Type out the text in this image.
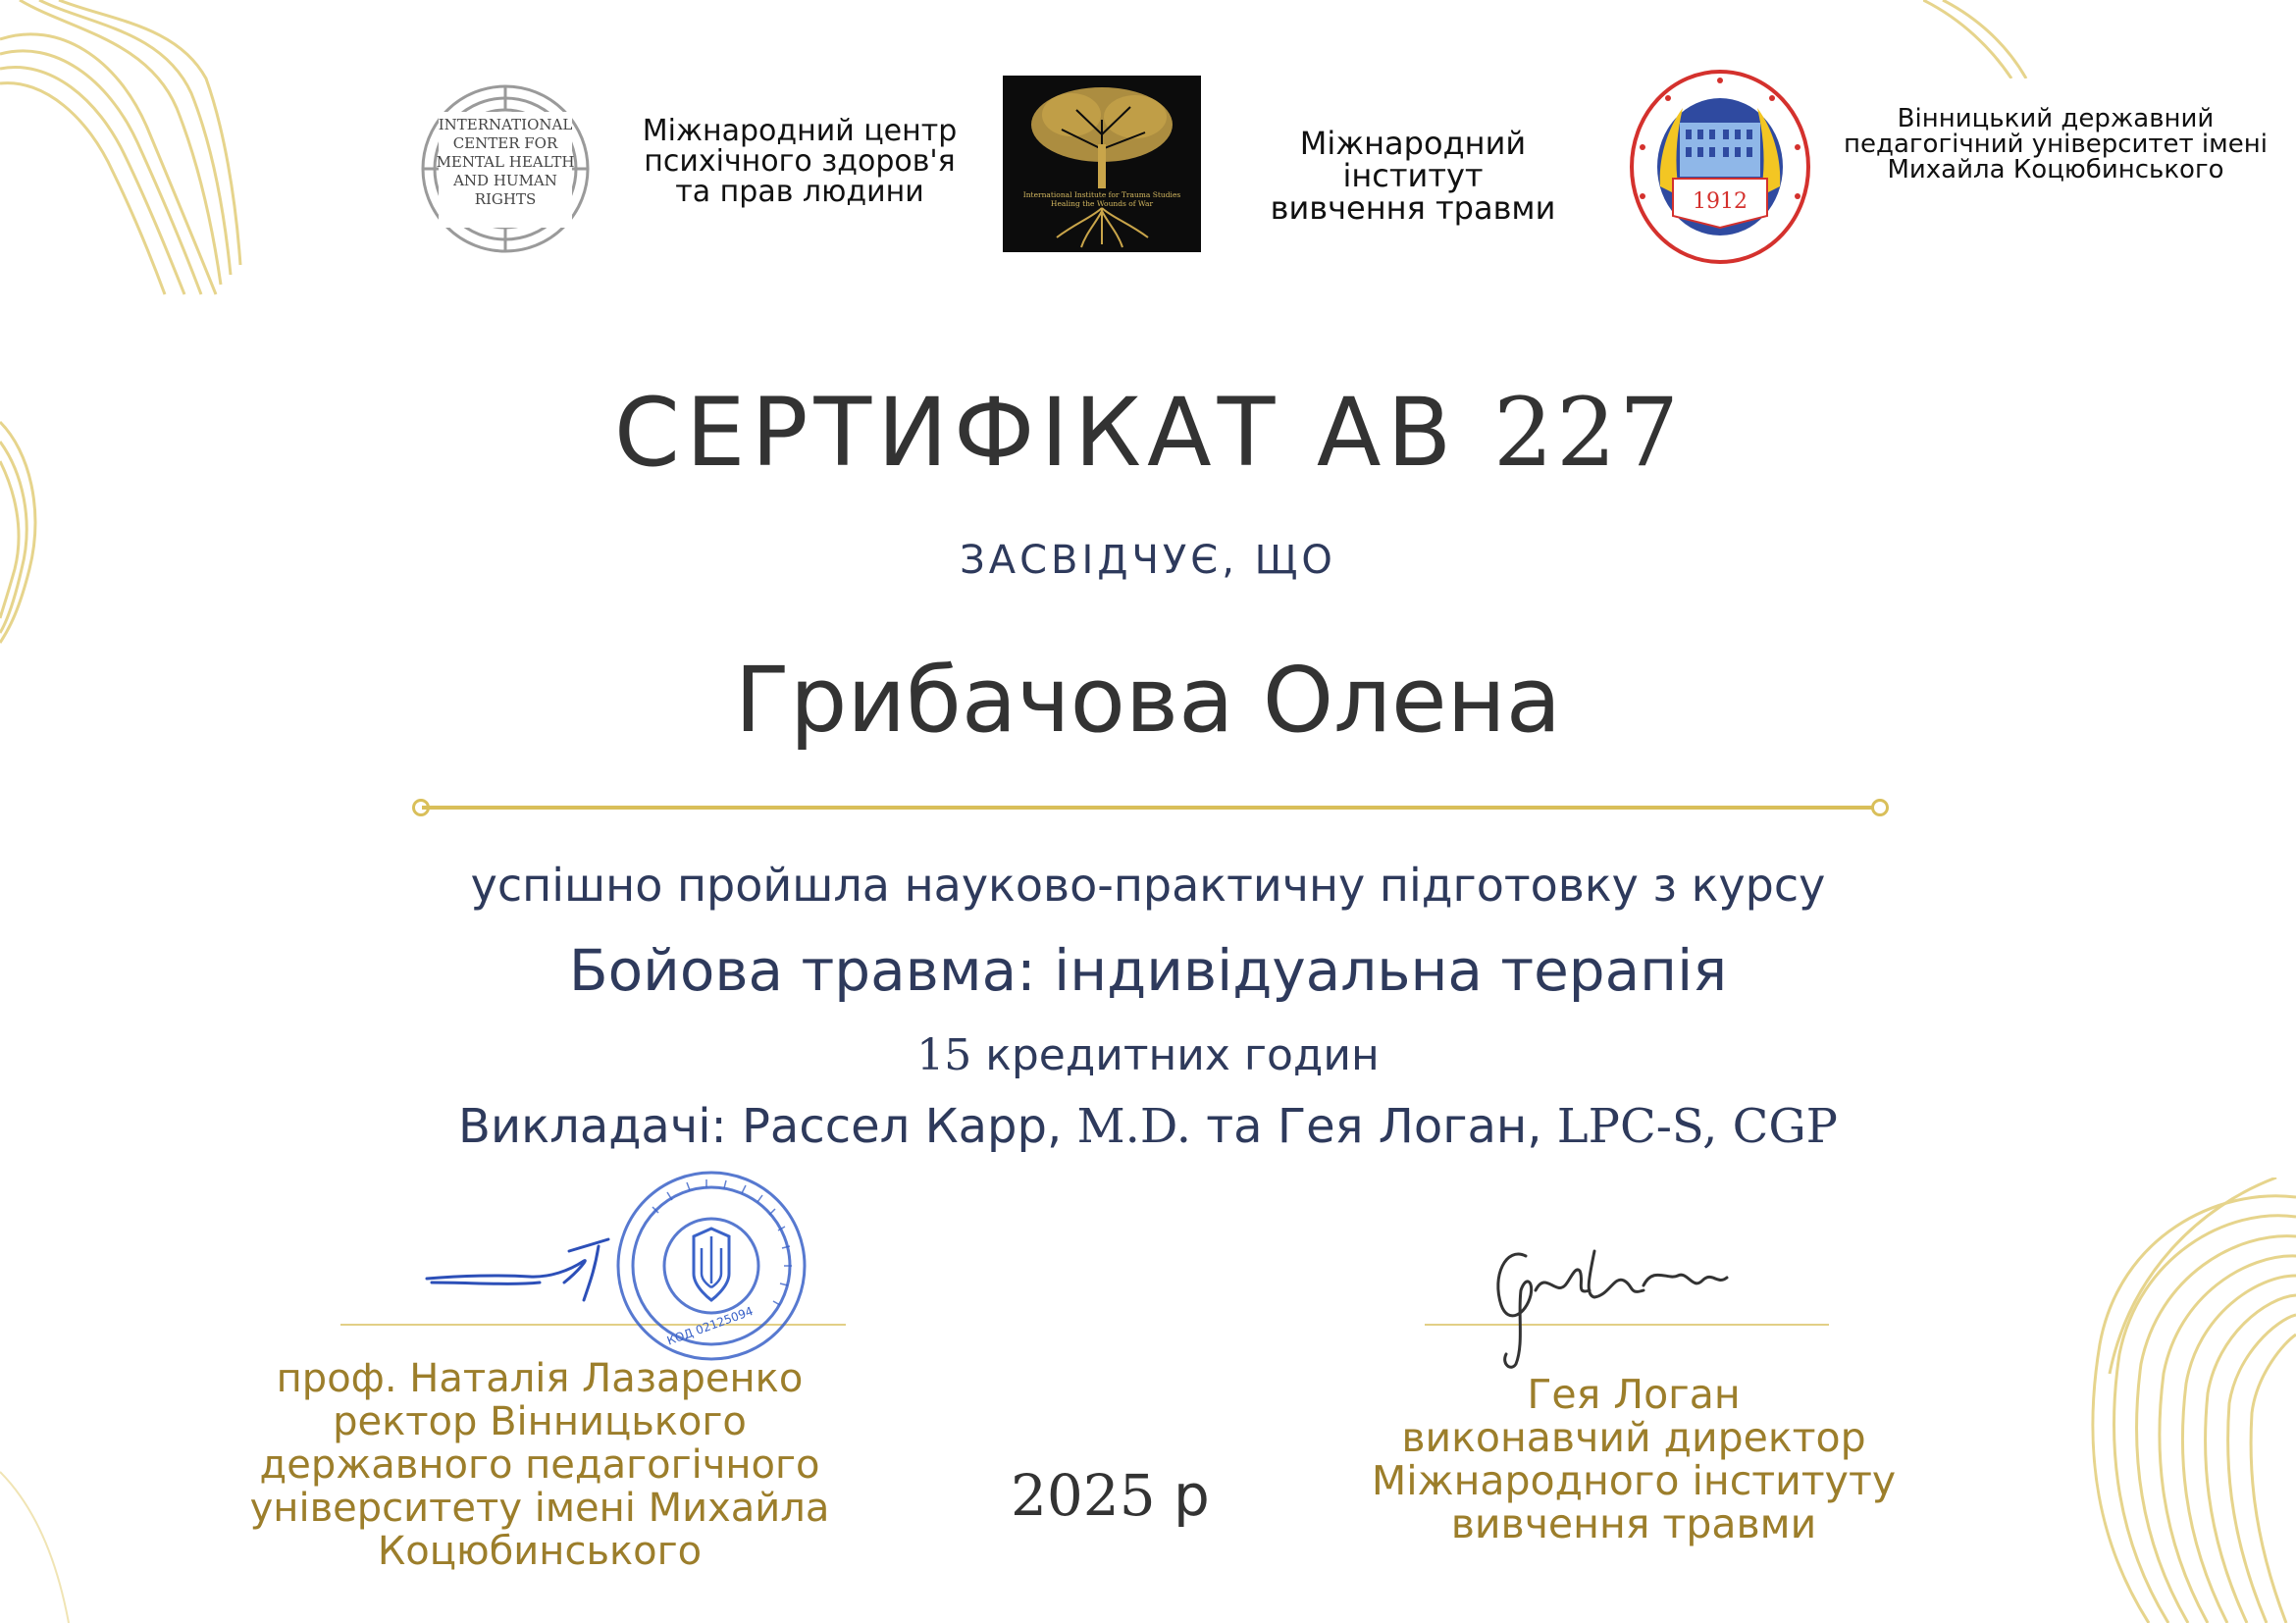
INTERNATIONAL
CENTER FOR
MENTAL HEALTH
AND HUMAN
RIGHTS
Міжнародний центр
психічного здоров'я
та прав людини	International Institute for Trauma Studies
Healing the Wounds of War
Міжнародний інститут
вивчення травми	1912
Вінницький державний
педагогічний університет імені
Михайла Коцюбинського
СЕРТИФІКАТ АВ 227
ЗАСВІДЧУЄ, ЩО
Грибачова Олена
успішно пройшла науково-практичну підготовку з курсу
Бойова травма: індивідуальна терапія
15 кредитних годин
Викладачі: Рассел Карр, M.D. та Гея Логан, LPC-S, CGP
КОД 02125094
проф. Наталія Лазаренко
ректор Вінницького
державного педагогічного
університету імені Михайла
Коцюбинського
2025 р
Гея Логан
виконавчий директор
Міжнародного інституту
вивчення травми
